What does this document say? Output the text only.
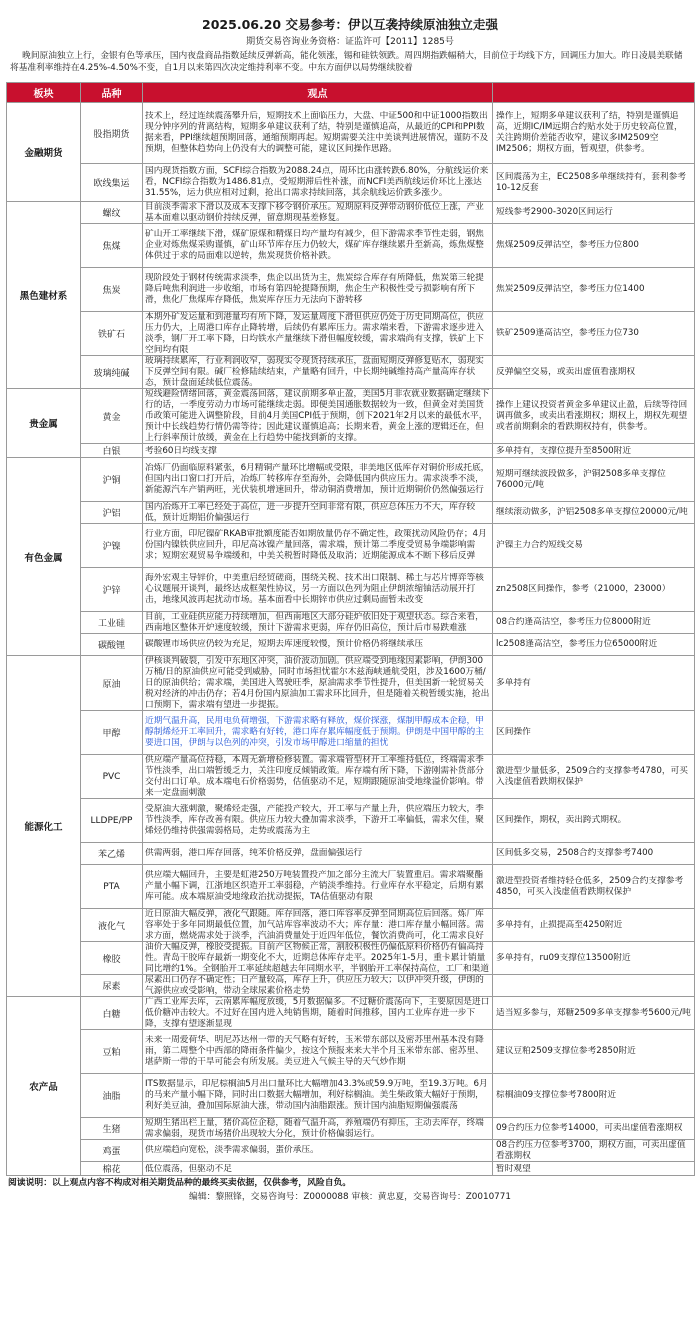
2025.06.20 交易参考：伊以互袭持续原油独立走强
期货交易咨询业务资格：证监许可【2011】1285号
晚间原油独立上行，金银有色等承压，国内夜盘商品指数延续反弹新高，能化领涨，锡和硅铁领跌。周四期指跌幅稍大，目前位于均线下方，回调压力加大。昨日凌晨美联储将基准利率维持在4.25%-4.50%不变，自1月以来第四次决定维持利率不变。中东方面伊以局势继续胶着
板块	品种	观点	
金融期货	股指期货	技术上，经过连续震荡攀升后，短期技术上面临压力，大盘、中证500和中证1000指数出现分钟序列的背离结构，短期多单建议获利了结，特别是谨慎追高，从最近的CPI和PPI数据来看，PPI继续超预期回落，通缩预期再起。短期需要关注中美谈判进展情况，谨防不及预期，但整体趋势向上仍没有大的调整可能，建议区间操作思路。	操作上，短期多单建议获利了结，特别是谨慎追高，近期IC/IM远期合约贴水处于历史较高位置，关注跨期价差能否收窄，建议多IM2509空IM2506；期权方面，暂观望，供参考。

	欧线集运	国内现货指数方面，SCFI综合指数为2088.24点，周环比由涨转跌6.80%，分航线运价来看，NCFI综合指数为1486.81点，受短期滞后性补涨，而NCFI美西航线运价环比上涨达31.55%，运力供应相对过剩，抢出口需求持续回落，其余航线运价跌多涨少。	区间震荡为主，EC2508多单继续持有，套利参考10-12反套

黑色建材系	螺纹	目前淡季需求下滑以及成本支撑下移令钢价承压。短期原料反弹带动钢价低位上涨，产业基本面难以驱动钢价持续反弹，留意期现基差修复。	短线参考2900-3020区间运行

	焦煤	矿山开工率继续下滑，煤矿原煤和精煤日均产量均有减少，但下游需求季节性走弱，钢焦企业对炼焦煤采购谨慎，矿山环节库存压力仍较大，煤矿库存继续累升至新高，炼焦煤整体供过于求的局面难以逆转，焦炭现货价格补跌。	焦煤2509反弹沽空，参考压力位800

	焦炭	现阶段处于钢材传统需求淡季，焦企以出货为主，焦炭综合库存有所降低，焦炭第三轮提降后吨焦利润进一步收缩，市场有第四轮提降预期，焦企生产积极性受亏损影响有所下滑，焦化厂焦煤库存降低，焦炭库存压力无法向下游转移	焦炭2509反弹沽空，参考压力位1400

	铁矿石	本期外矿发运量和到港量均有所下降，发运量周度下滑但供应仍处于历史同期高位，供应压力仍大，上周港口库存止降转增，后续仍有累库压力。需求端来看，下游需求逐步进入淡季，钢厂开工率下降，日均铁水产量继续下滑但幅度较缓，需求端尚有支撑，铁矿上下空间均有限	铁矿2509逢高沽空，参考压力位730

	玻璃纯碱	玻璃持续累库，行业利润收窄，弱现实令现货持续承压，盘面短期反弹修复贴水，弱现实下反弹空间有限。碱厂检修陆续结束，产量略有回升，中长期纯碱维持高产量高库存状态，预计盘面延续低位震荡。	反弹偏空交易，或卖出虚值看涨期权

贵金属	黄金	短线避险情绪回落，黄金震荡回落，建议前期多单止盈，美国5月非农就业数据确定继续下行的话，一季度劳动力市场可能继续走弱。即便美国通胀数据较为一致，但黄金对美国货币政策可能进入调整阶段，目前4月美国CPI低于预期，创下2021年2月以来的最低水平，预计中长线趋势行情仍需等待；因此建议谨慎追高；长期来看，黄金上涨的逻辑还在，但上行斜率预计放缓，黄金在上行趋势中能找到新的支撑。	操作上建议投资者黄金多单建议止盈，后续等待回调再做多，或卖出看涨期权；期权上，期权先观望或者前期剩余的看跌期权持有，供参考。

	白银	考验60日均线支撑	多单持有，支撑位提升至8500附近

有色金属	沪铜	冶炼厂仍面临原料紧张，6月精铜产量环比增幅或受限，非美地区低库存对铜价形成托底，但国内出口窗口打开后，冶炼厂转移库存至海外，会降低国内供应压力。需求淡季不淡，新能源汽车产销两旺，光伏装机增速回升，带动铜消费增加，预计近期铜价仍然偏强运行	短期可继续波段做多，沪铜2508多单支撑位76000元/吨

	沪铝	国内冶炼开工率已经处于高位，进一步提升空间非常有限，供应总体压力不大，库存较低，预计近期铝价偏强运行	继续滚动做多，沪铝2508多单支撑位20000元/吨

	沪镍	行业方面，印尼镍矿RKAB审批额度能否如期放量仍存不确定性，政策扰动风险仍存；4月份国内镍铁供应回升，印尼高冰镍产量回落，需求端，预计第二季度受贸易争端影响需求；短期宏观贸易争端缓和，中美关税暂时降低及取消；近期能源成本不断下移后反弹	沪镍主力合约短线交易

	沪锌	海外宏观主导锌价，中美重启经贸磋商，围绕关税、技术出口限制、稀土与芯片博弈等核心议题展开谈判，最终达成框架性协议，另一方面以色列为阻止伊朗浓缩铀活动展开打击，地缘风波再起扰动市场。基本面看中长期锌市供应过剩局面暂未改变	zn2508区间操作，参考（21000，23000）

	工业硅	目前，工业硅供应能力持续增加，但西南地区大部分硅炉依旧处于观望状态。综合来看，西南地区整体开炉速度较缓，预计下游需求更弱，库存仍旧高位，预计后市易跌难涨	08合约逢高沽空，参考压力位8000附近

	碳酸锂	碳酸锂市场供应仍较为充足，短期去库速度较慢，预计价格仍将继续承压	lc2508逢高沽空，参考压力位65000附近

能源化工	原油	伊核谈判破裂，引发中东地区冲突，油价波动加剧。供应端受到地缘因素影响，伊朗300万桶/日的原油供应可能受到威胁，同时市场担忧霍尔木兹海峡通航受阻，涉及1600万桶/日的原油供给；需求端，美国进入驾驶旺季，原油需求季节性提升，但美国新一轮贸易关税对经济的冲击仍存；若4月份国内原油加工需求环比回升，但是随着关税暂缓实施，抢出口预期下，需求端有望进一步提振。	多单持有

	甲醇	近期气温升高，民用电负荷增强，下游需求略有释放，煤价探涨，煤制甲醇成本企稳，甲醇制烯烃开工率回升，需求略有好转，港口库存累库幅度低于预期。伊朗是中国甲醇的主要进口国，伊朗与以色列的冲突，引发市场甲醇进口缩量的担忧	区间操作

	PVC	供应端产量高位持稳，本周无新增检修装置。需求端管型材开工率维持低位，终端需求季节性淡季，出口端暂缓乏力，关注印度反倾销政策。库存端有所下降，下游刚需补货部分交付出口订单。成本端电石价格弱势，估值驱动不足，短期跟随原油受地缘溢价影响。带来一定盘面刺激	激进型少量低多，2509合约支撑参考4780，可买入浅虚值看跌期权保护

	LLDPE/PP	受原油大涨刺激，聚烯烃走强，产能投产较大，开工率与产量上升，供应端压力较大，季节性淡季，库存改善有限。供应压力较大叠加需求淡季，下游开工率偏低，需求欠佳，聚烯烃仍维持供强需弱格局，走势或震荡为主	区间操作，期权，卖出跨式期权。

	苯乙烯	供需两弱，港口库存回落，纯苯价格反弹，盘面偏强运行	区间低多交易，2508合约支撑参考7400

	PTA	供应端大幅回升，主要是虹港250万吨装置投产加之部分主流大厂装置重启。需求端聚酯产量小幅下调，江浙地区织造开工率弱稳，产销淡季维持。行业库存水平稳定，后期有累库可能。成本端原油受地缘政治扰动提振，TA估值驱动有限	激进型投资者维持轻仓低多，2509合约支撑参考4850，可买入浅虚值看跌期权保护

	液化气	近日原油大幅反弹，液化气跟随。库存回落，港口库容率反弹至同期高位后回落。炼厂库容率处于多年同期最低位置，加气站库容率波动不大；库存量：港口库存量小幅回落。需求方面，燃烧需求处于淡季，汽油消费量处于近四年低位，餐饮消费尚可，化工需求良好	多单持有，止损提高至4250附近

	橡胶	油价大幅反弹，橡胶受提振。目前产区物候正常，割胶积极性仍偏低原料价格仍有偏高持性。青岛干胶库存最新一期变化不大，近期总体库存走平。2025年1-5月，重卡累计销量同比增约1%。全钢胎开工率延续超越去年同期水平，半钢胎开工率保持高位，工厂和渠道	多单持有，ru09支撑位13500附近

	尿素	尿素出口仍存不确定性；日产量较高，库存上升，供应压力较大；以伊冲突升级，伊朗的气源供应或受影响，带动全球尿素价格走势	

农产品	白糖	广西工业库去库，云南累库幅度放缓，5月数据偏多。不过糖价震荡向下，主要原因是进口低价糖冲击较大。不过好在国内进入纯销售期，随着时间推移，国内工业库存进一步下降，支撑有望逐渐显现	适当短多参与，郑糖2509多单支撑参考5600元/吨

	豆粕	未来一周爱荷华、明尼苏达州一带的天气略有好转，玉米带东部以及密苏里州基本没有降雨，第二周整个中西部的降雨条件偏少，按这个预报来来大半个月玉米带东部、密苏里、堪萨斯一带的干旱可能会有所发展。美豆进入气候主导的天气炒作期	建议豆粕2509支撑位参考2850附近

	油脂	ITS数据显示，印尼棕榈油5月出口量环比大幅增加43.3%或59.9万吨，至19.3万吨。6月的马来产量小幅下降，同时出口数据大幅增加，利好棕榈油。美生柴政策大幅好于预期，利好美豆油，叠加国际原油大涨，带动国内油脂跟涨。预计国内油脂短期偏强震荡	棕榈油09支撑位参考7800附近

	生猪	短期生猪出栏上量，猪价高位企稳，随着气温升高，养殖端仍有抑压，主动去库存，终端需求偏弱，现货市场猪价出现较大分化，预计价格偏弱运行。	09合约压力位参考14000，可卖出虚值看涨期权

	鸡蛋	供应端趋向宽松，淡季需求偏弱，蛋价承压。	08合约压力位参考3700，期权方面，可卖出虚值看涨期权

	棉花	低位震荡，但驱动不足	暂时观望
阅读说明：以上观点内容不构成对相关期货品种的最终买卖依据，仅供参考，风险自负。
编辑：黎照锋，交易咨询号：Z0000088 审核：黄忠夏，交易咨询号：Z0010771
